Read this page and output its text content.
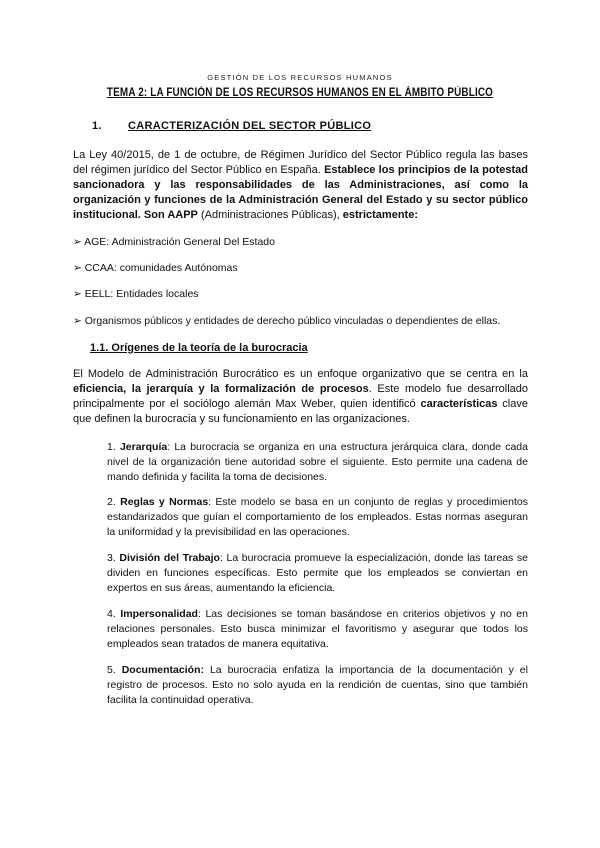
GESTIÓN DE LOS RECURSOS HUMANOS
TEMA 2: LA FUNCIÓN DE LOS RECURSOS HUMANOS EN EL ÁMBITO PÚBLICO
1. CARACTERIZACIÓN DEL SECTOR PÚBLICO
La Ley 40/2015, de 1 de octubre, de Régimen Jurídico del Sector Público regula las bases del régimen jurídico del Sector Público en España. Establece los principios de la potestad sancionadora y las responsabilidades de las Administraciones, así como la organización y funciones de la Administración General del Estado y su sector público institucional. Son AAPP (Administraciones Públicas), estrictamente:
➢ AGE: Administración General Del Estado
➢ CCAA: comunidades Autónomas
➢ EELL: Entidades locales
➢ Organismos públicos y entidades de derecho público vinculadas o dependientes de ellas.
1.1. Orígenes de la teoría de la burocracia
El Modelo de Administración Burocrático es un enfoque organizativo que se centra en la eficiencia, la jerarquía y la formalización de procesos. Este modelo fue desarrollado principalmente por el sociólogo alemán Max Weber, quien identificó características clave que definen la burocracia y su funcionamiento en las organizaciones.
1. Jerarquía: La burocracia se organiza en una estructura jerárquica clara, donde cada nivel de la organización tiene autoridad sobre el siguiente. Esto permite una cadena de mando definida y facilita la toma de decisiones.
2. Reglas y Normas: Este modelo se basa en un conjunto de reglas y procedimientos estandarizados que guían el comportamiento de los empleados. Estas normas aseguran la uniformidad y la previsibilidad en las operaciones.
3. División del Trabajo: La burocracia promueve la especialización, donde las tareas se dividen en funciones específicas. Esto permite que los empleados se conviertan en expertos en sus áreas, aumentando la eficiencia.
4. Impersonalidad: Las decisiones se toman basándose en criterios objetivos y no en relaciones personales. Esto busca minimizar el favoritismo y asegurar que todos los empleados sean tratados de manera equitativa.
5. Documentación: La burocracia enfatiza la importancia de la documentación y el registro de procesos. Esto no solo ayuda en la rendición de cuentas, sino que también facilita la continuidad operativa.
